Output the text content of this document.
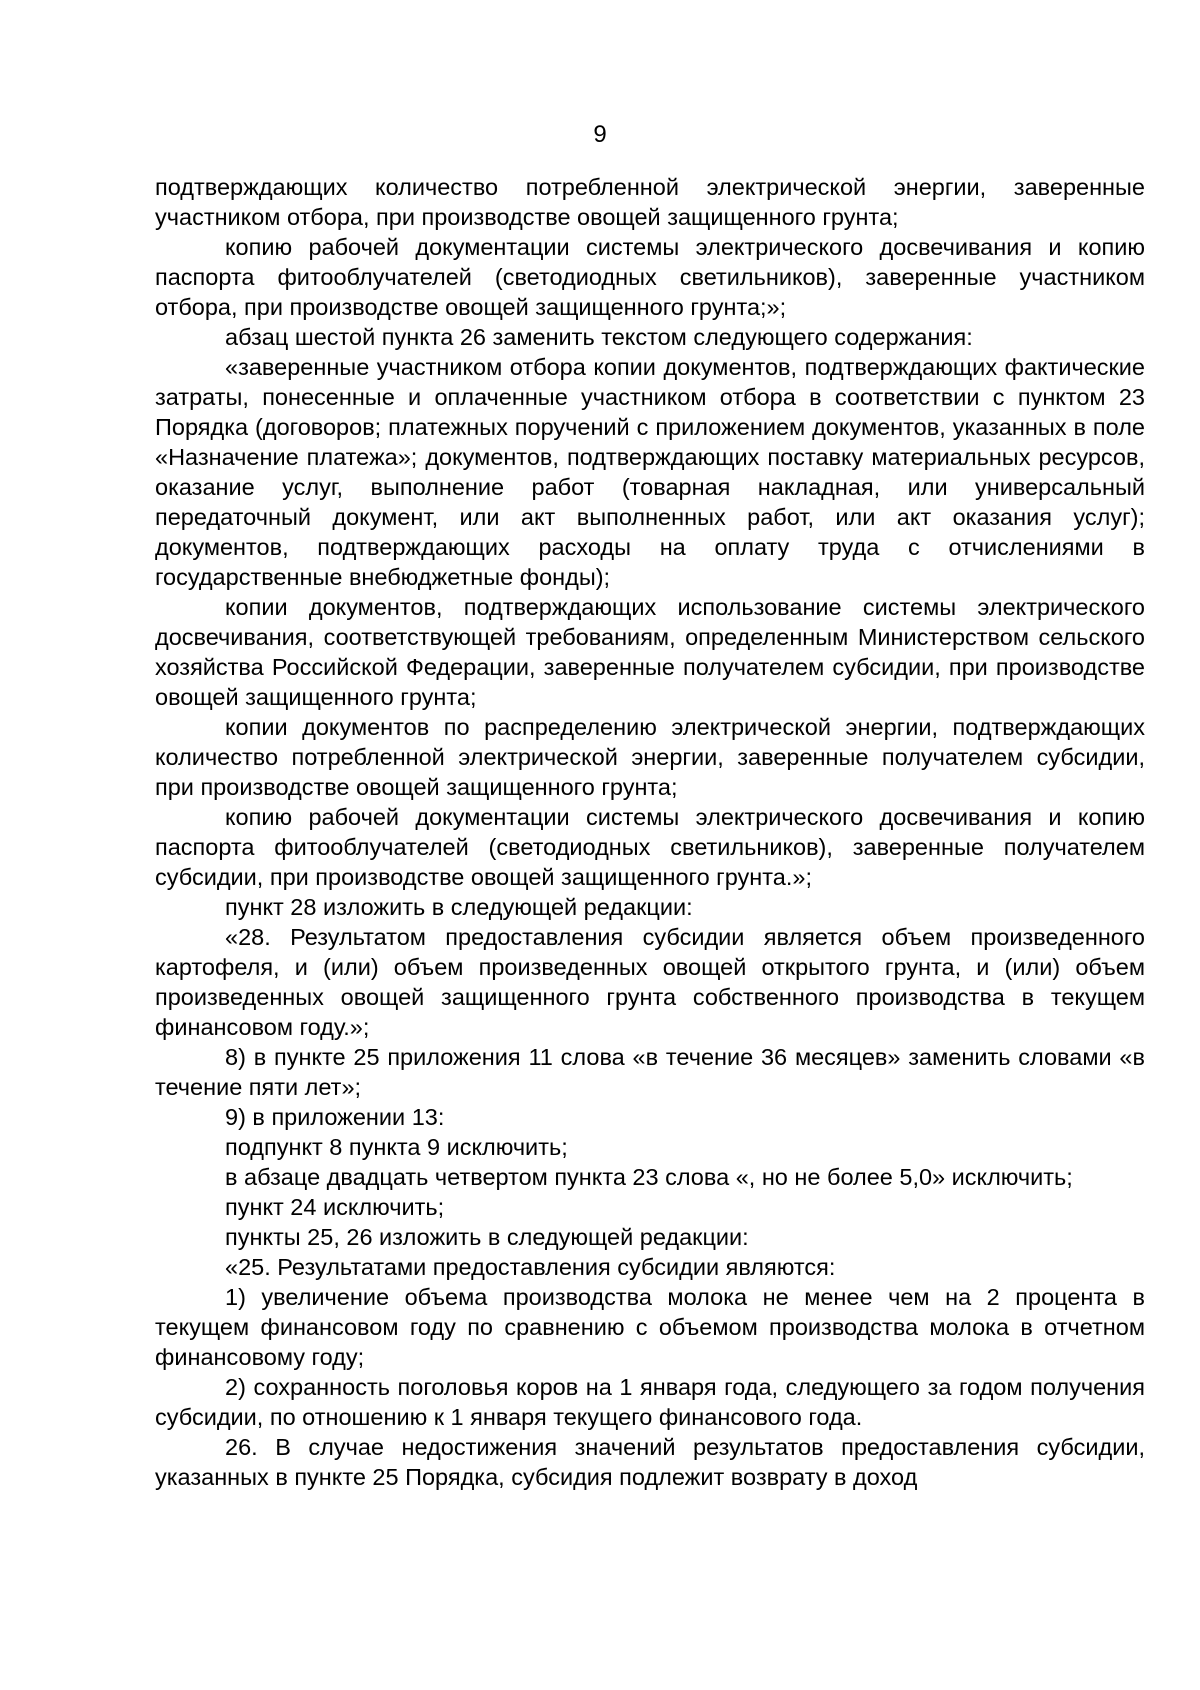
9

подтверждающих количество потребленной электрической энергии, заверенные участником отбора, при производстве овощей защищенного грунта;

копию рабочей документации системы электрического досвечивания и копию паспорта фитооблучателей (светодиодных светильников), заверенные участником отбора, при производстве овощей защищенного грунта;»;

абзац шестой пункта 26 заменить текстом следующего содержания:

«заверенные участником отбора копии документов, подтверждающих фактические затраты, понесенные и оплаченные участником отбора в соответствии с пунктом 23 Порядка (договоров; платежных поручений с приложением документов, указанных в поле «Назначение платежа»; документов, подтверждающих поставку материальных ресурсов, оказание услуг, выполнение работ (товарная накладная, или универсальный передаточный документ, или акт выполненных работ, или акт оказания услуг); документов, подтверждающих расходы на оплату труда с отчислениями в государственные внебюджетные фонды);

копии документов, подтверждающих использование системы электрического досвечивания, соответствующей требованиям, определенным Министерством сельского хозяйства Российской Федерации, заверенные получателем субсидии, при производстве овощей защищенного грунта;

копии документов по распределению электрической энергии, подтверждающих количество потребленной электрической энергии, заверенные получателем субсидии, при производстве овощей защищенного грунта;

копию рабочей документации системы электрического досвечивания и копию паспорта фитооблучателей (светодиодных светильников), заверенные получателем субсидии, при производстве овощей защищенного грунта.»;

пункт 28 изложить в следующей редакции:

«28. Результатом предоставления субсидии является объем произведенного картофеля, и (или) объем произведенных овощей открытого грунта, и (или) объем произведенных овощей защищенного грунта собственного производства в текущем финансовом году.»;

8) в пункте 25 приложения 11 слова «в течение 36 месяцев» заменить словами «в течение пяти лет»;

9) в приложении 13:

подпункт 8 пункта 9 исключить;

в абзаце двадцать четвертом пункта 23 слова «, но не более 5,0» исключить;

пункт 24 исключить;

пункты 25, 26 изложить в следующей редакции:

«25. Результатами предоставления субсидии являются:

1) увеличение объема производства молока не менее чем на 2 процента в текущем финансовом году по сравнению с объемом производства молока в отчетном финансовому году;

2) сохранность поголовья коров на 1 января года, следующего за годом получения субсидии, по отношению к 1 января текущего финансового года.

26. В случае недостижения значений результатов предоставления субсидии, указанных в пункте 25 Порядка, субсидия подлежит возврату в доход
